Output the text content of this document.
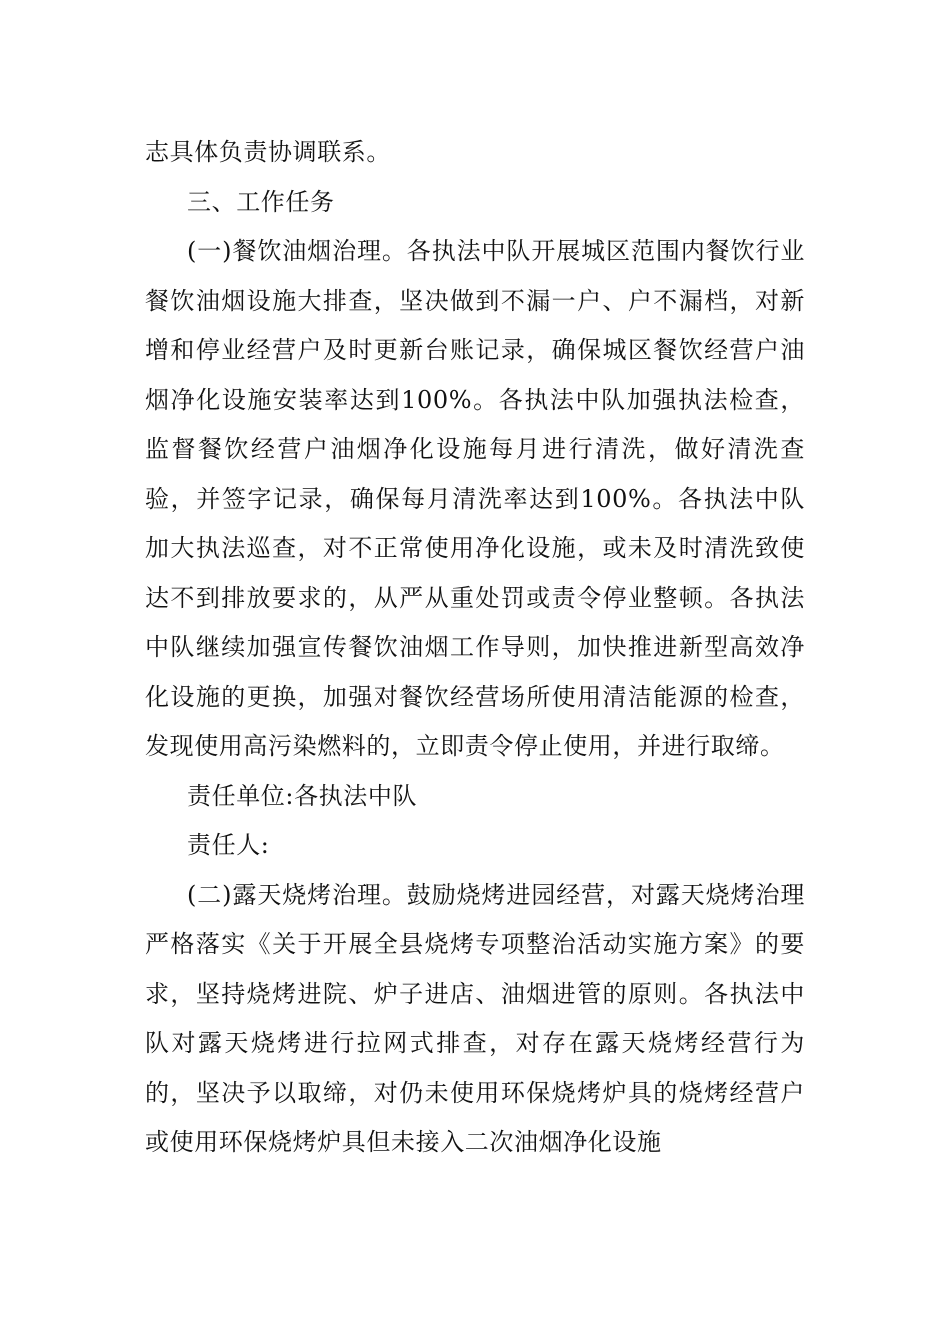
志具体负责协调联系。

三、工作任务

(一)餐饮油烟治理。各执法中队开展城区范围内餐饮行业餐饮油烟设施大排查，坚决做到不漏一户、户不漏档，对新增和停业经营户及时更新台账记录，确保城区餐饮经营户油烟净化设施安装率达到100%。各执法中队加强执法检查，监督餐饮经营户油烟净化设施每月进行清洗，做好清洗查验，并签字记录，确保每月清洗率达到100%。各执法中队加大执法巡查，对不正常使用净化设施，或未及时清洗致使达不到排放要求的，从严从重处罚或责令停业整顿。各执法中队继续加强宣传餐饮油烟工作导则，加快推进新型高效净化设施的更换，加强对餐饮经营场所使用清洁能源的检查，发现使用高污染燃料的，立即责令停止使用，并进行取缔。

责任单位:各执法中队

责任人:

(二)露天烧烤治理。鼓励烧烤进园经营，对露天烧烤治理严格落实《关于开展全县烧烤专项整治活动实施方案》的要求，坚持烧烤进院、炉子进店、油烟进管的原则。各执法中队对露天烧烤进行拉网式排查，对存在露天烧烤经营行为的，坚决予以取缔，对仍未使用环保烧烤炉具的烧烤经营户或使用环保烧烤炉具但未接入二次油烟净化设施
